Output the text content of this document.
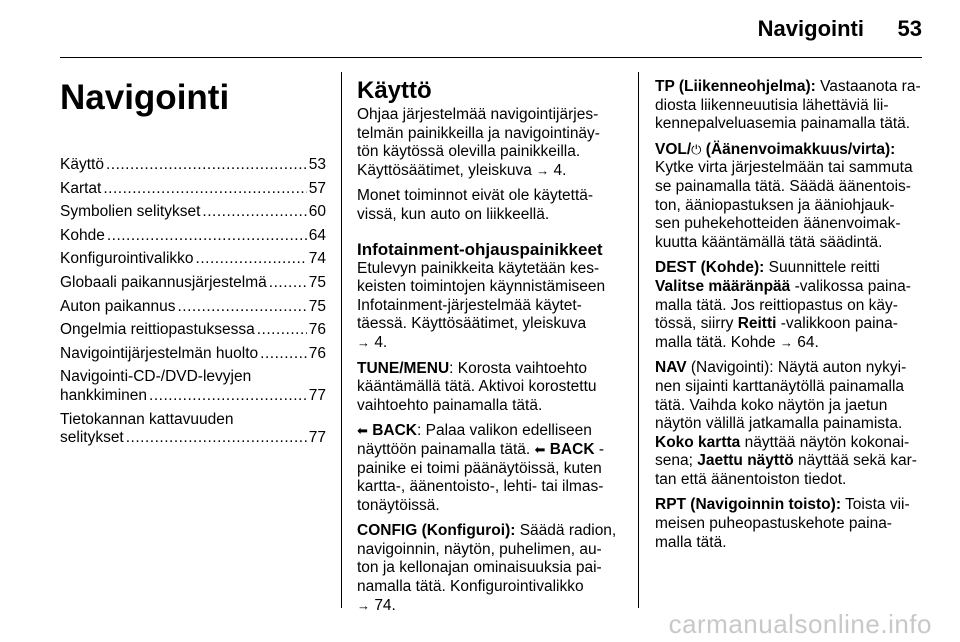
Navigointi 53
Navigointi
Käyttö .....	53
Kartat .....	57
Symbolien selitykset .....	60
Kohde .....	64
Konfigurointivalikko .....	74
Globaali paikannusjärjestelmä .....	75
Auton paikannus .....	75
Ongelmia reittiopastuksessa .....	76
Navigointijärjestelmän huolto .....	76
Navigointi-CD-/DVD-levyjen
hankkiminen .....	77
Tietokannan kattavuuden
selitykset .....	77
Käyttö

Ohjaa järjestelmää navigointijärjes-
telmän painikkeilla ja navigointinäy-
tön käytössä olevilla painikkeilla.
Käyttösäätimet, yleiskuva → 4.

Monet toiminnot eivät ole käytettä-
vissä, kun auto on liikkeellä.

Infotainment-ohjauspainikkeet

Etulevyn painikkeita käytetään kes-
keisten toimintojen käynnistämiseen
Infotainment-järjestelmää käytet-
täessä. Käyttösäätimet, yleiskuva
→ 4.

TUNE/MENU: Korosta vaihtoehto
kääntämällä tätä. Aktivoi korostettu
vaihtoehto painamalla tätä.

⬅ BACK: Palaa valikon edelliseen
näyttöön painamalla tätä. ⬅ BACK -
painike ei toimi päänäytöissä, kuten
kartta-, äänentoisto-, lehti- tai ilmas-
tonäytöissä.

CONFIG (Konfiguroi): Säädä radion,
navigoinnin, näytön, puhelimen, au-
ton ja kellonajan ominaisuuksia pai-
namalla tätä. Konfigurointivalikko
→ 74.

TP (Liikenneohjelma): Vastaanota ra-
diosta liikenneuutisia lähettäviä lii-
kennepalveluasemia painamalla tätä.

VOL/⏻ (Äänenvoimakkuus/virta):
Kytke virta järjestelmään tai sammuta
se painamalla tätä. Säädä äänentois-
ton, ääniopastuksen ja ääniohjauk-
sen puhekehotteiden äänenvoimak-
kuutta kääntämällä tätä säädintä.

DEST (Kohde): Suunnittele reitti
Valitse määränpää -valikossa paina-
malla tätä. Jos reittiopastus on käy-
tössä, siirry Reitti -valikkoon paina-
malla tätä. Kohde → 64.

NAV (Navigointi): Näytä auton nykyi-
nen sijainti karttanäytöllä painamalla
tätä. Vaihda koko näytön ja jaetun
näytön välillä jatkamalla painamista.
Koko kartta näyttää näytön kokonai-
sena; Jaettu näyttö näyttää sekä kar-
tan että äänentoiston tiedot.

RPT (Navigoinnin toisto): Toista vii-
meisen puheopastuskehote paina-
malla tätä.

carmanualsonline.info
